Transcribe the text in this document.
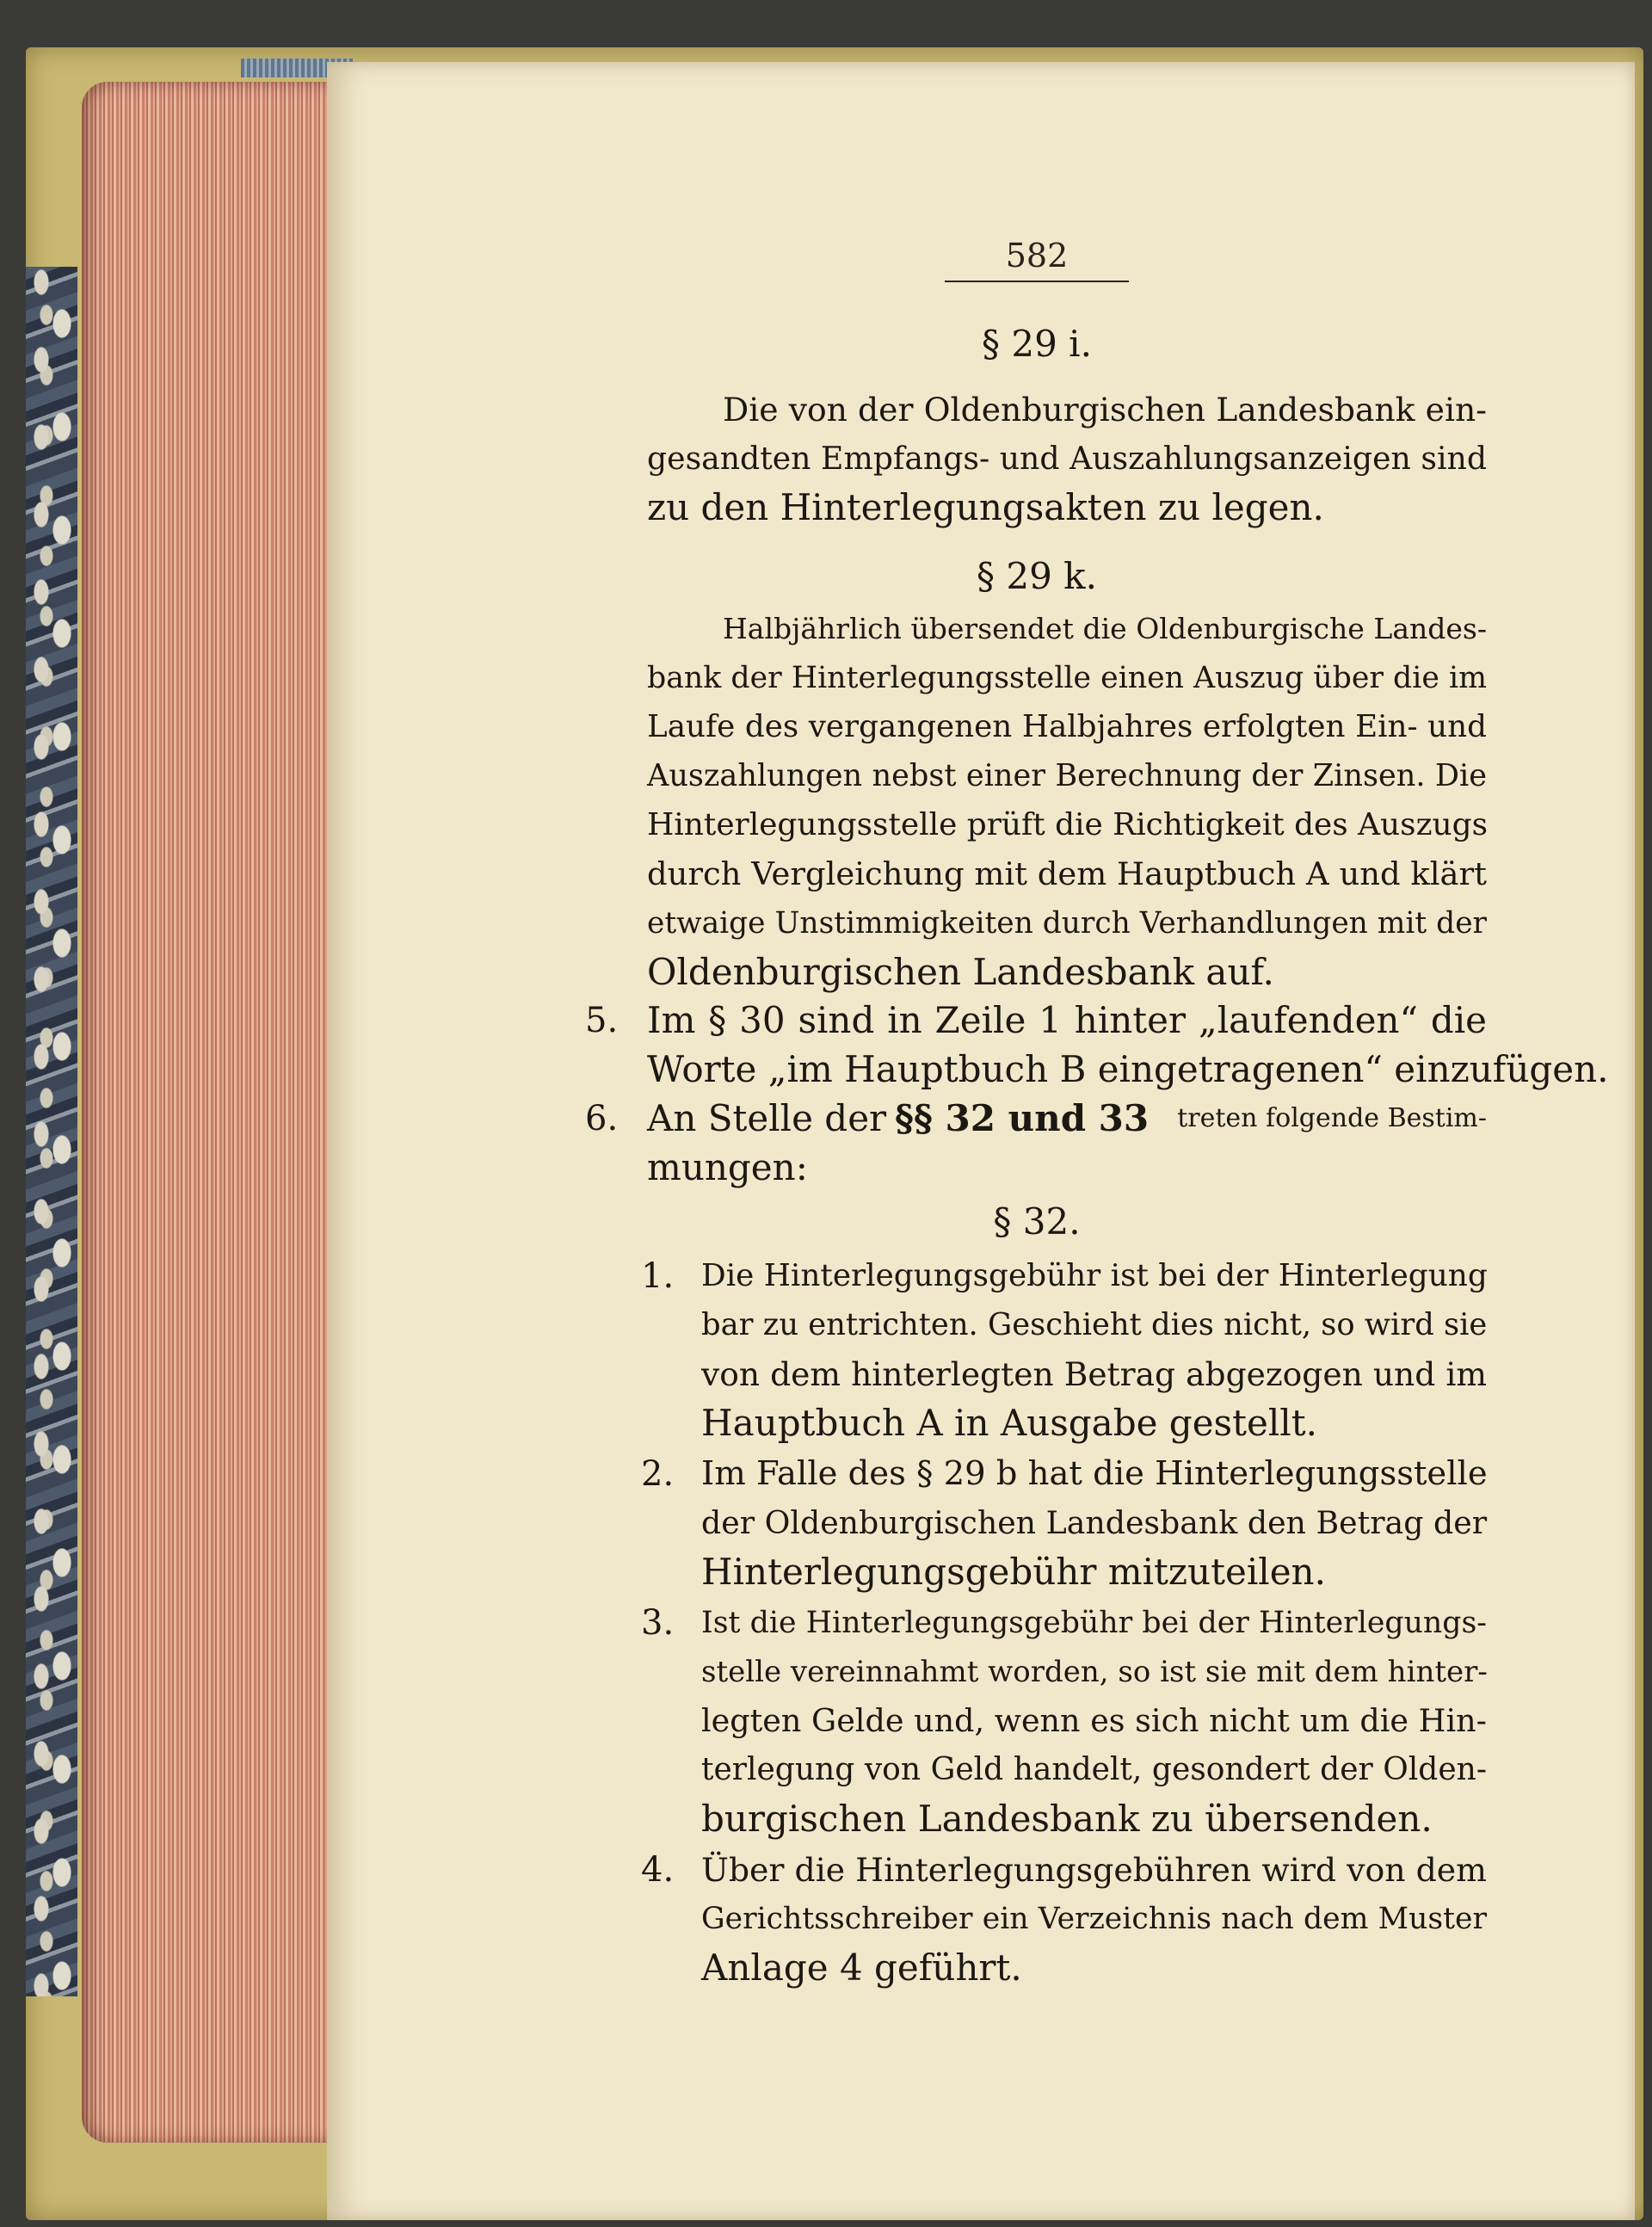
582
§ 29 i.
Die von der Oldenburgischen Landesbank ein-
gesandten Empfangs- und Auszahlungsanzeigen sind
zu den Hinterlegungsakten zu legen.
§ 29 k.
Halbjährlich übersendet die Oldenburgische Landes-
bank der Hinterlegungsstelle einen Auszug über die im
Laufe des vergangenen Halbjahres erfolgten Ein- und
Auszahlungen nebst einer Berechnung der Zinsen. Die
Hinterlegungsstelle prüft die Richtigkeit des Auszugs
durch Vergleichung mit dem Hauptbuch A und klärt
etwaige Unstimmigkeiten durch Verhandlungen mit der
Oldenburgischen Landesbank auf.
5. Im § 30 sind in Zeile 1 hinter „laufenden“ die
Worte „im Hauptbuch B eingetragenen“ einzufügen.
6. An Stelle der §§ 32 und 33 treten folgende Bestim-
mungen:
§ 32.
1. Die Hinterlegungsgebühr ist bei der Hinterlegung
bar zu entrichten. Geschieht dies nicht, so wird sie
von dem hinterlegten Betrag abgezogen und im
Hauptbuch A in Ausgabe gestellt.
2. Im Falle des § 29 b hat die Hinterlegungsstelle
der Oldenburgischen Landesbank den Betrag der
Hinterlegungsgebühr mitzuteilen.
3. Ist die Hinterlegungsgebühr bei der Hinterlegungs-
stelle vereinnahmt worden, so ist sie mit dem hinter-
legten Gelde und, wenn es sich nicht um die Hin-
terlegung von Geld handelt, gesondert der Olden-
burgischen Landesbank zu übersenden.
4. Über die Hinterlegungsgebühren wird von dem
Gerichtsschreiber ein Verzeichnis nach dem Muster
Anlage 4 geführt.
